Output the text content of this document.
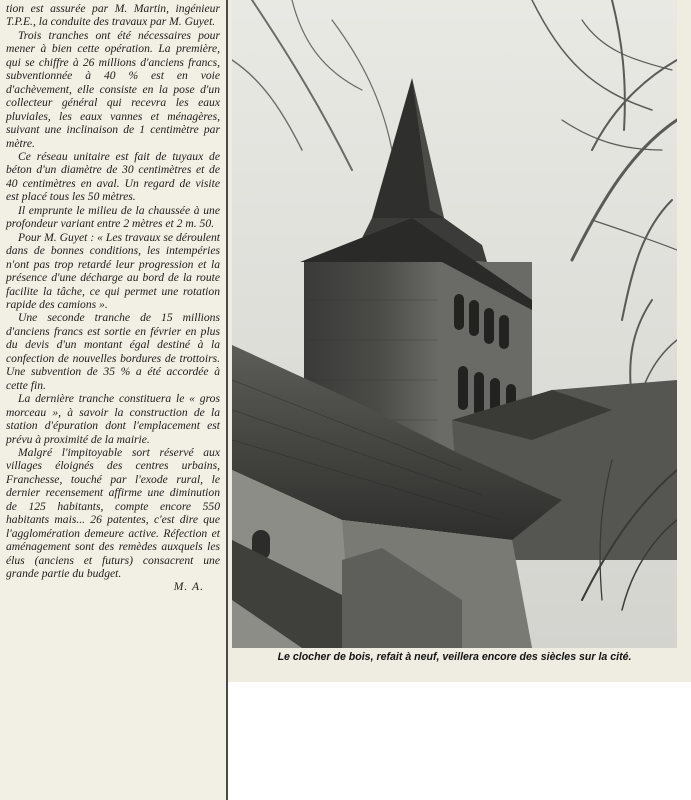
tion est assurée par M. Martin, ingénieur T.P.E., la conduite des travaux par M. Guyet.

Trois tranches ont été nécessaires pour mener à bien cette opération. La première, qui se chiffre à 26 millions d'anciens francs, subventionnée à 40 % est en voie d'achèvement, elle consiste en la pose d'un collecteur général qui recevra les eaux pluviales, les eaux vannes et ménagères, suivant une inclinaison de 1 centimètre par mètre.

Ce réseau unitaire est fait de tuyaux de béton d'un diamètre de 30 centimètres et de 40 centimètres en aval. Un regard de visite est placé tous les 50 mètres.

Il emprunte le milieu de la chaussée à une profondeur variant entre 2 mètres et 2 m. 50.

Pour M. Guyet : « Les travaux se déroulent dans de bonnes conditions, les intempéries n'ont pas trop retardé leur progression et la présence d'une décharge au bord de la route facilite la tâche, ce qui permet une rotation rapide des camions ».

Une seconde tranche de 15 millions d'anciens francs est sortie en février en plus du devis d'un montant égal destiné à la confection de nouvelles bordures de trottoirs. Une subvention de 35 % a été accordée à cette fin.

La dernière tranche constituera le « gros morceau », à savoir la construction de la station d'épuration dont l'emplacement est prévu à proximité de la mairie.

Malgré l'impitoyable sort réservé aux villages éloignés des centres urbains, Franchesse, touché par l'exode rural, le dernier recensement affirme une diminution de 125 habitants, compte encore 550 habitants mais... 26 patentes, c'est dire que l'agglomération demeure active. Réfection et aménagement sont des remèdes auxquels les élus (anciens et futurs) consacrent une grande partie du budget.

M. A.

Le clocher de bois, refait à neuf, veillera encore des siècles sur la cité.
